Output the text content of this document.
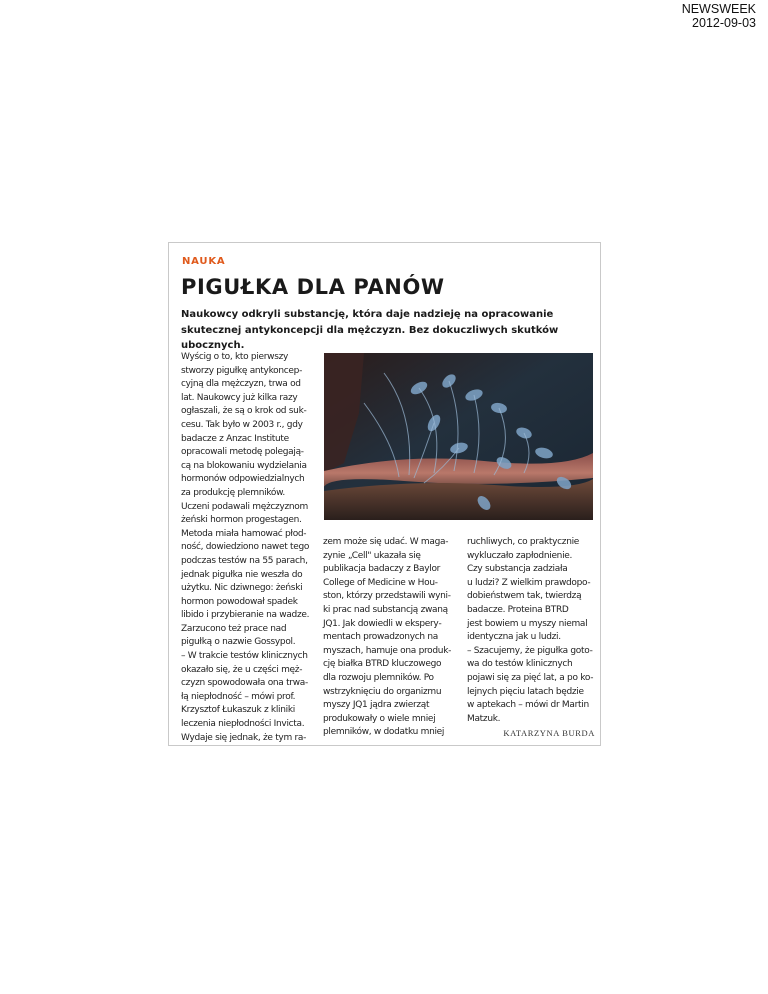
NEWSWEEK
2012-09-03
NAUKA
PIGUŁKA DLA PANÓW
Naukowcy odkryli substancję, która daje nadzieję na opracowanie skutecznej antykoncepcji dla mężczyzn. Bez dokuczliwych skutków ubocznych.
Wyścig o to, kto pierwszy
stworzy pigułkę antykoncep-
cyjną dla mężczyzn, trwa od
lat. Naukowcy już kilka razy
ogłaszali, że są o krok od suk-
cesu. Tak było w 2003 r., gdy
badacze z Anzac Institute
opracowali metodę polegają-
cą na blokowaniu wydzielania
hormonów odpowiedzialnych
za produkcję plemników.
Uczeni podawali mężczyznom
żeński hormon progestagen.
Metoda miała hamować płod-
ność, dowiedziono nawet tego
podczas testów na 55 parach,
jednak pigułka nie weszła do
użytku. Nic dziwnego: żeński
hormon powodował spadek
libido i przybieranie na wadze.
Zarzucono też prace nad
pigułką o nazwie Gossypol.
– W trakcie testów klinicznych
okazało się, że u części męż-
czyzn spowodowała ona trwa-
łą niepłodność – mówi prof.
Krzysztof Łukaszuk z kliniki
leczenia niepłodności Invicta.
Wydaje się jednak, że tym ra-
zem może się udać. W maga-
zynie „Cell" ukazała się
publikacja badaczy z Baylor
College of Medicine w Hou-
ston, którzy przedstawili wyni-
ki prac nad substancją zwaną
JQ1. Jak dowiedli w eksperу-
mentach prowadzonych na
myszach, hamuje ona produk-
cję białka BTRD kluczowego
dla rozwoju plemników. Po
wstrzyknięciu do organizmu
myszy JQ1 jądra zwierząt
produkowały o wiele mniej
plemników, w dodatku mniej
ruchliwych, co praktycznie
wykluczało zapłodnienie.
Czy substancja zadziała
u ludzi? Z wielkim prawdopo-
dobieństwem tak, twierdzą
badacze. Proteina BTRD
jest bowiem u myszy niemal
identyczna jak u ludzi.
– Szacujemy, że pigułka goto-
wa do testów klinicznych
pojawi się za pięć lat, a po ko-
lejnych pięciu latach będzie
w aptekach – mówi dr Martin
Matzuk.

KATARZYNA BURDA
